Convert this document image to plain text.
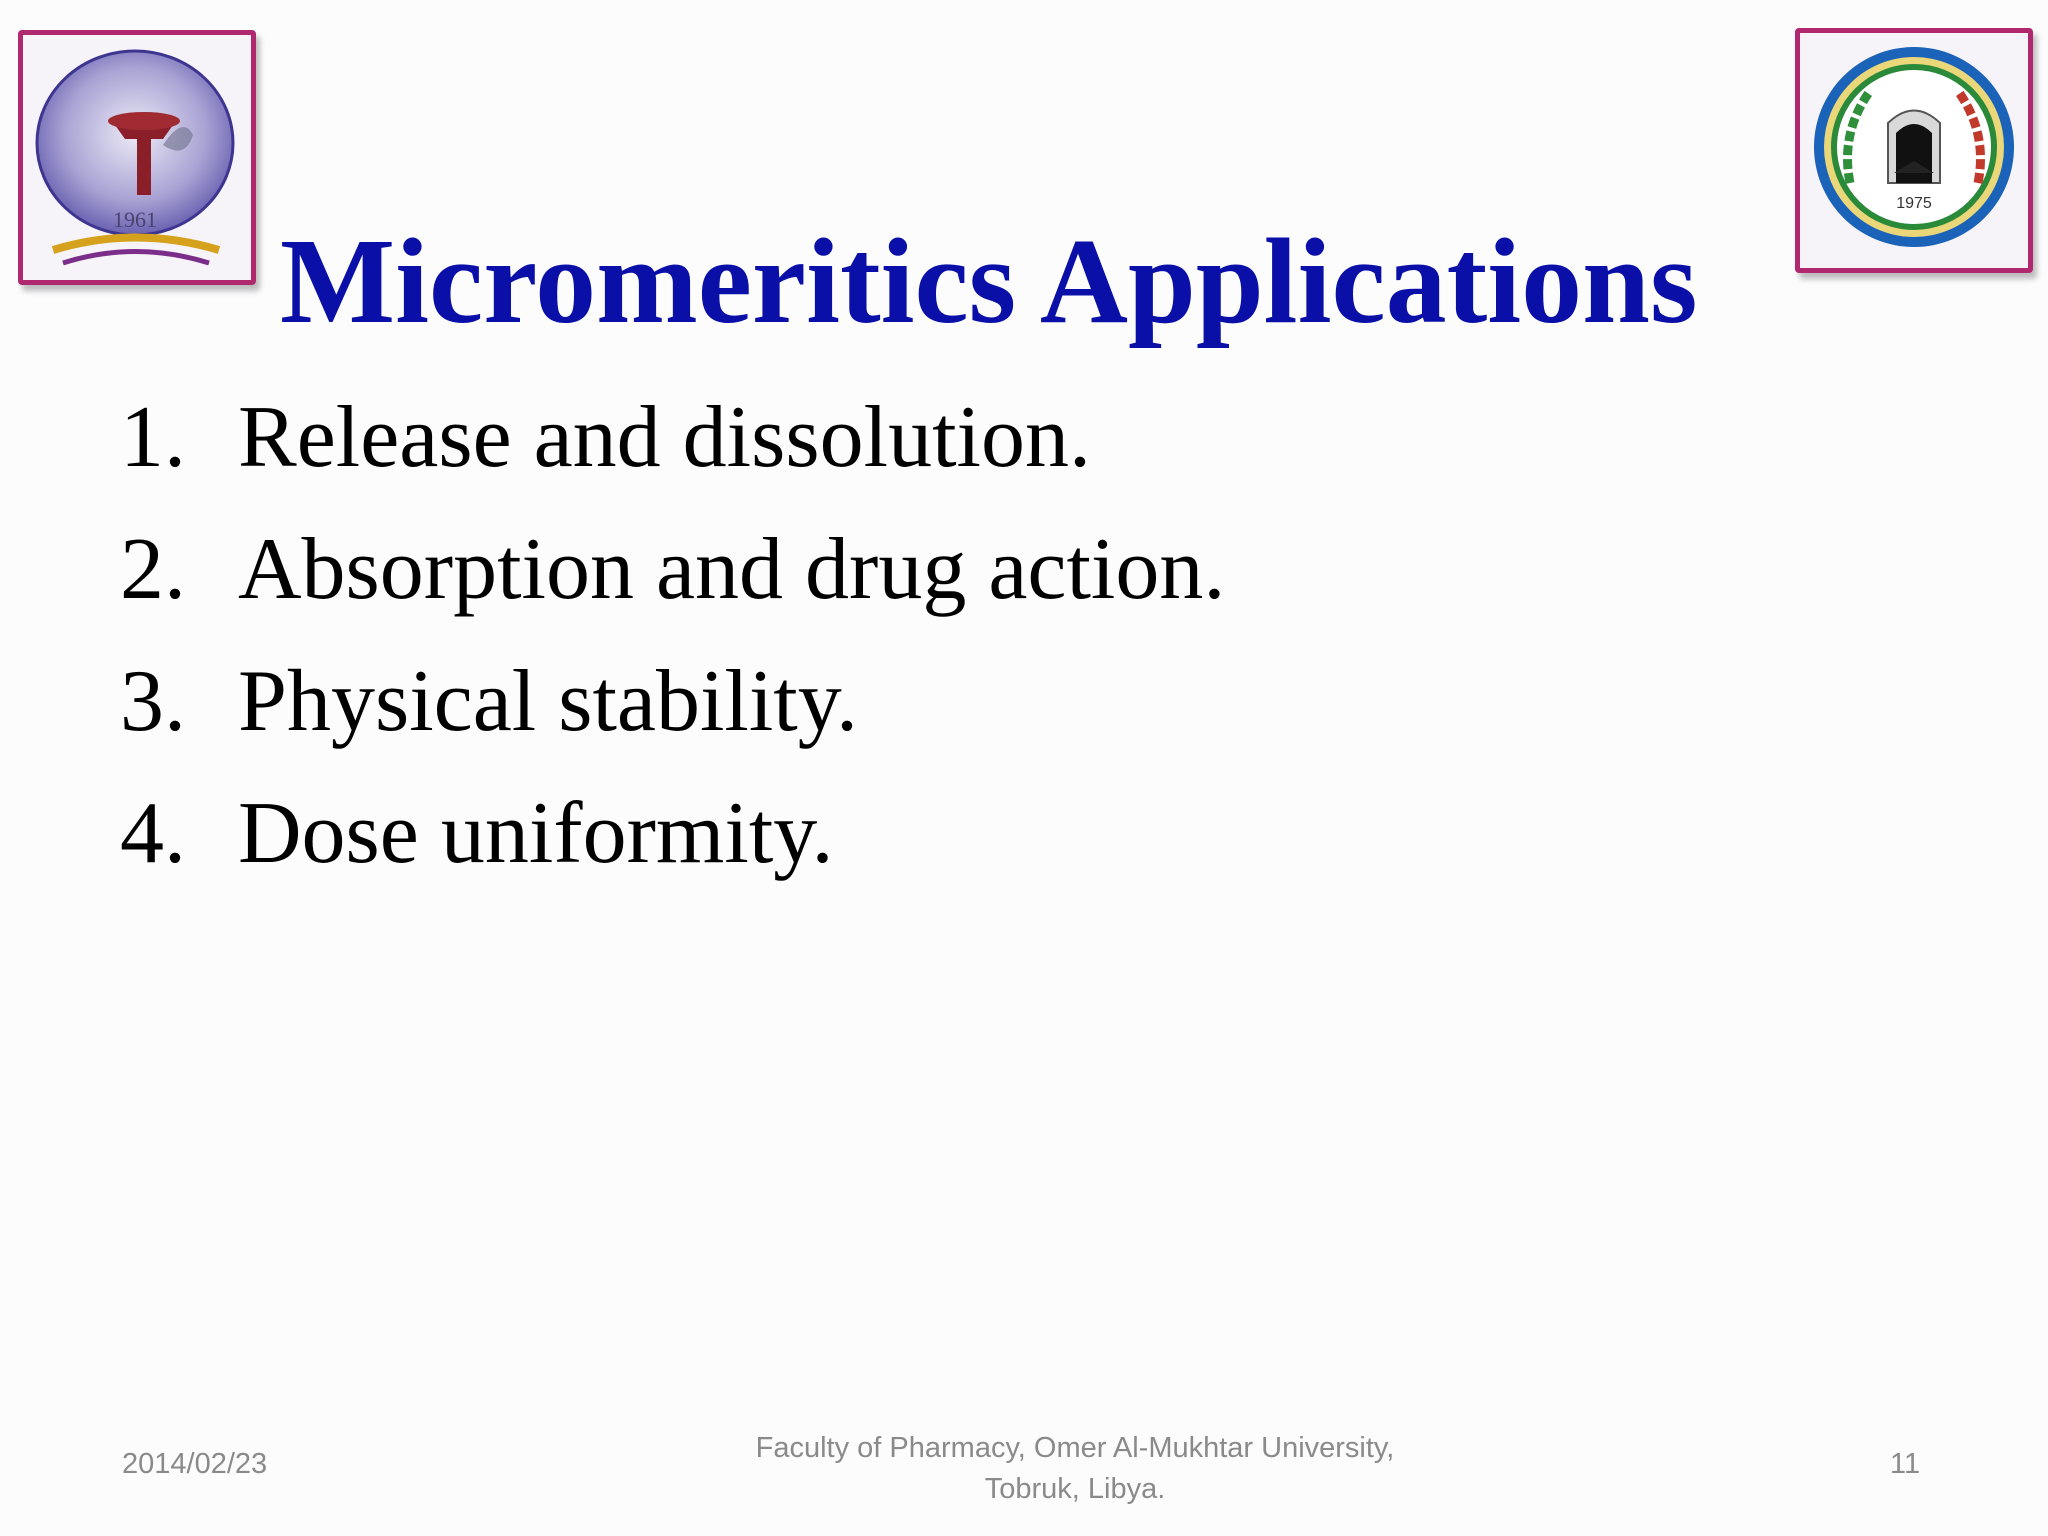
1961 Micromeritics Applications
1975
1. Release and dissolution.
2. Absorption and drug action.
3. Physical stability.
4. Dose uniformity.
2014/02/23	Faculty of Pharmacy, Omer Al-Mukhtar University,
Tobruk, Libya.
11
